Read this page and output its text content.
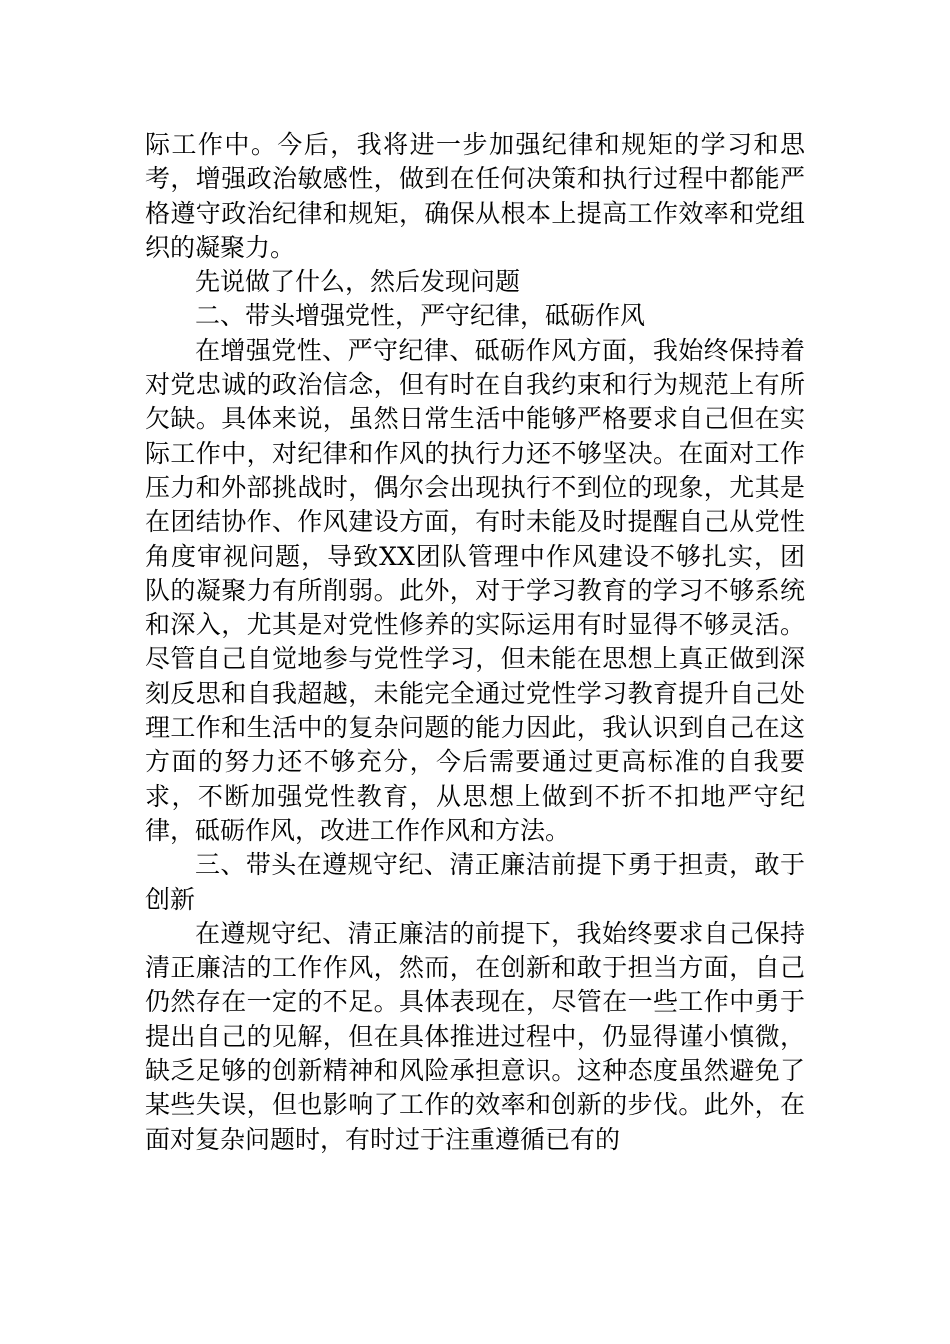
际工作中。今后，我将进一步加强纪律和规矩的学习和思考，增强政治敏感性，做到在任何决策和执行过程中都能严格遵守政治纪律和规矩，确保从根本上提高工作效率和党组织的凝聚力。

先说做了什么，然后发现问题

二、带头增强党性，严守纪律，砥砺作风

在增强党性、严守纪律、砥砺作风方面，我始终保持着对党忠诚的政治信念，但有时在自我约束和行为规范上有所欠缺。具体来说，虽然日常生活中能够严格要求自己但在实际工作中，对纪律和作风的执行力还不够坚决。在面对工作压力和外部挑战时，偶尔会出现执行不到位的现象，尤其是在团结协作、作风建设方面，有时未能及时提醒自己从党性角度审视问题，导致XX团队管理中作风建设不够扎实，团队的凝聚力有所削弱。此外，对于学习教育的学习不够系统和深入，尤其是对党性修养的实际运用有时显得不够灵活。尽管自己自觉地参与党性学习，但未能在思想上真正做到深刻反思和自我超越，未能完全通过党性学习教育提升自己处理工作和生活中的复杂问题的能力因此，我认识到自己在这方面的努力还不够充分，今后需要通过更高标准的自我要求，不断加强党性教育，从思想上做到不折不扣地严守纪律，砥砺作风，改进工作作风和方法。

三、带头在遵规守纪、清正廉洁前提下勇于担责，敢于创新

在遵规守纪、清正廉洁的前提下，我始终要求自己保持清正廉洁的工作作风，然而，在创新和敢于担当方面，自己仍然存在一定的不足。具体表现在，尽管在一些工作中勇于提出自己的见解，但在具体推进过程中，仍显得谨小慎微，缺乏足够的创新精神和风险承担意识。这种态度虽然避免了某些失误，但也影响了工作的效率和创新的步伐。此外，在面对复杂问题时，有时过于注重遵循已有的
